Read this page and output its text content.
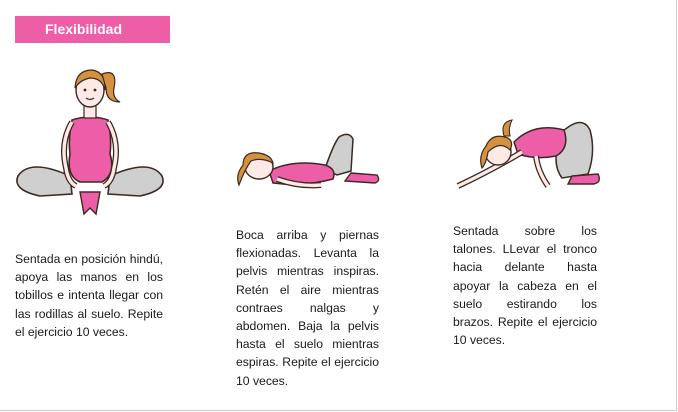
Flexibilidad
Sentada en posición hindú, apoya las manos en los tobillos e intenta llegar con las rodillas al suelo. Repite el ejercicio 10 veces.
Boca arriba y piernas flexionadas. Levanta la pelvis mientras inspiras. Retén el aire mientras contraes nalgas y abdomen. Baja la pelvis hasta el suelo mientras espiras. Repite el ejercicio 10 veces.
Sentada sobre los talones. LLevar el tronco hacia delante hasta apoyar la cabeza en el suelo estirando los brazos. Repite el ejercicio 10 veces.
